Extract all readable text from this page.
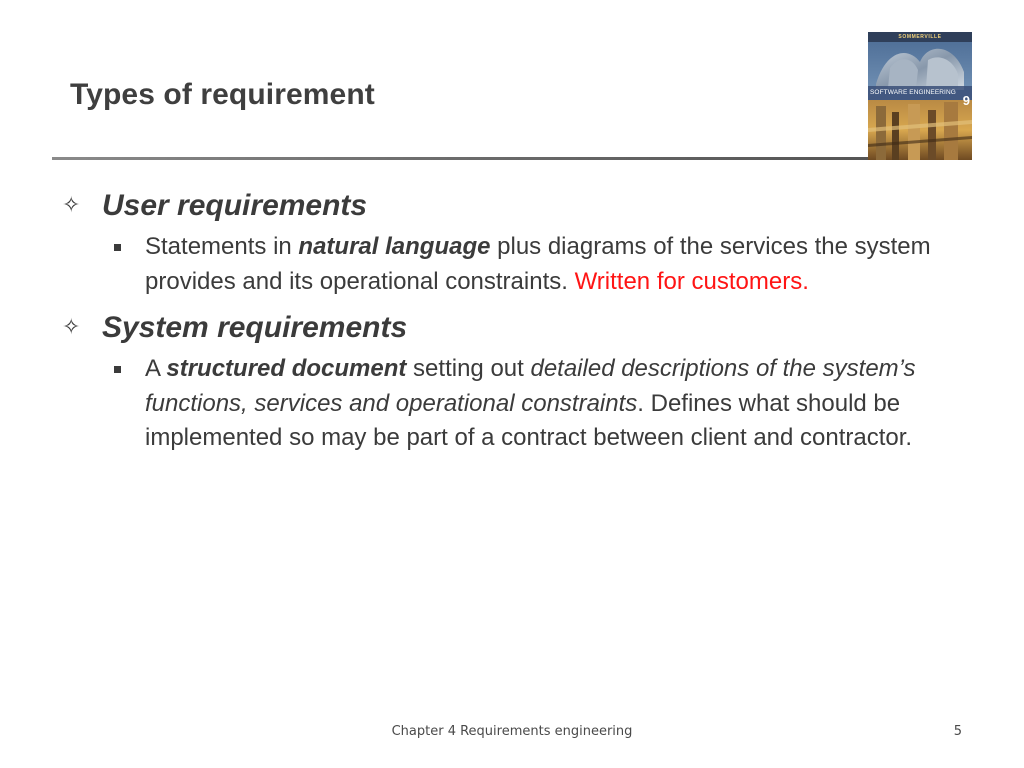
Types of requirement
SOMMERVILLE
SOFTWARE ENGINEERING
9
✧ User requirements
Statements in natural language plus diagrams of the services the system provides and its operational constraints. Written for customers.
✧ System requirements
A structured document setting out detailed descriptions of the system’s functions, services and operational constraints. Defines what should be implemented so may be part of a contract between client and contractor.
Chapter 4 Requirements engineering	5
